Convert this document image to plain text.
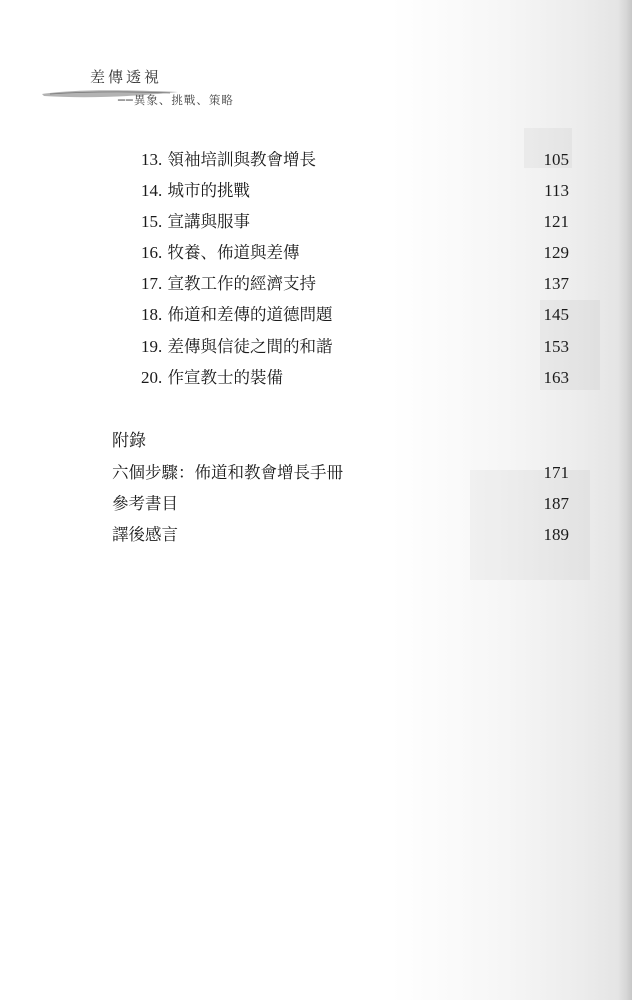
差傳透視
──異象、挑戰、策略
13. 領袖培訓與教會增長	105
14. 城市的挑戰	113
15. 宣講與服事	121
16. 牧養、佈道與差傳	129
17. 宣教工作的經濟支持	137
18. 佈道和差傳的道德問題	145
19. 差傳與信徒之間的和諧	153
20. 作宣教士的裝備	163
附錄
六個步驟：佈道和教會增長手冊	171
參考書目	187
譯後感言	189
